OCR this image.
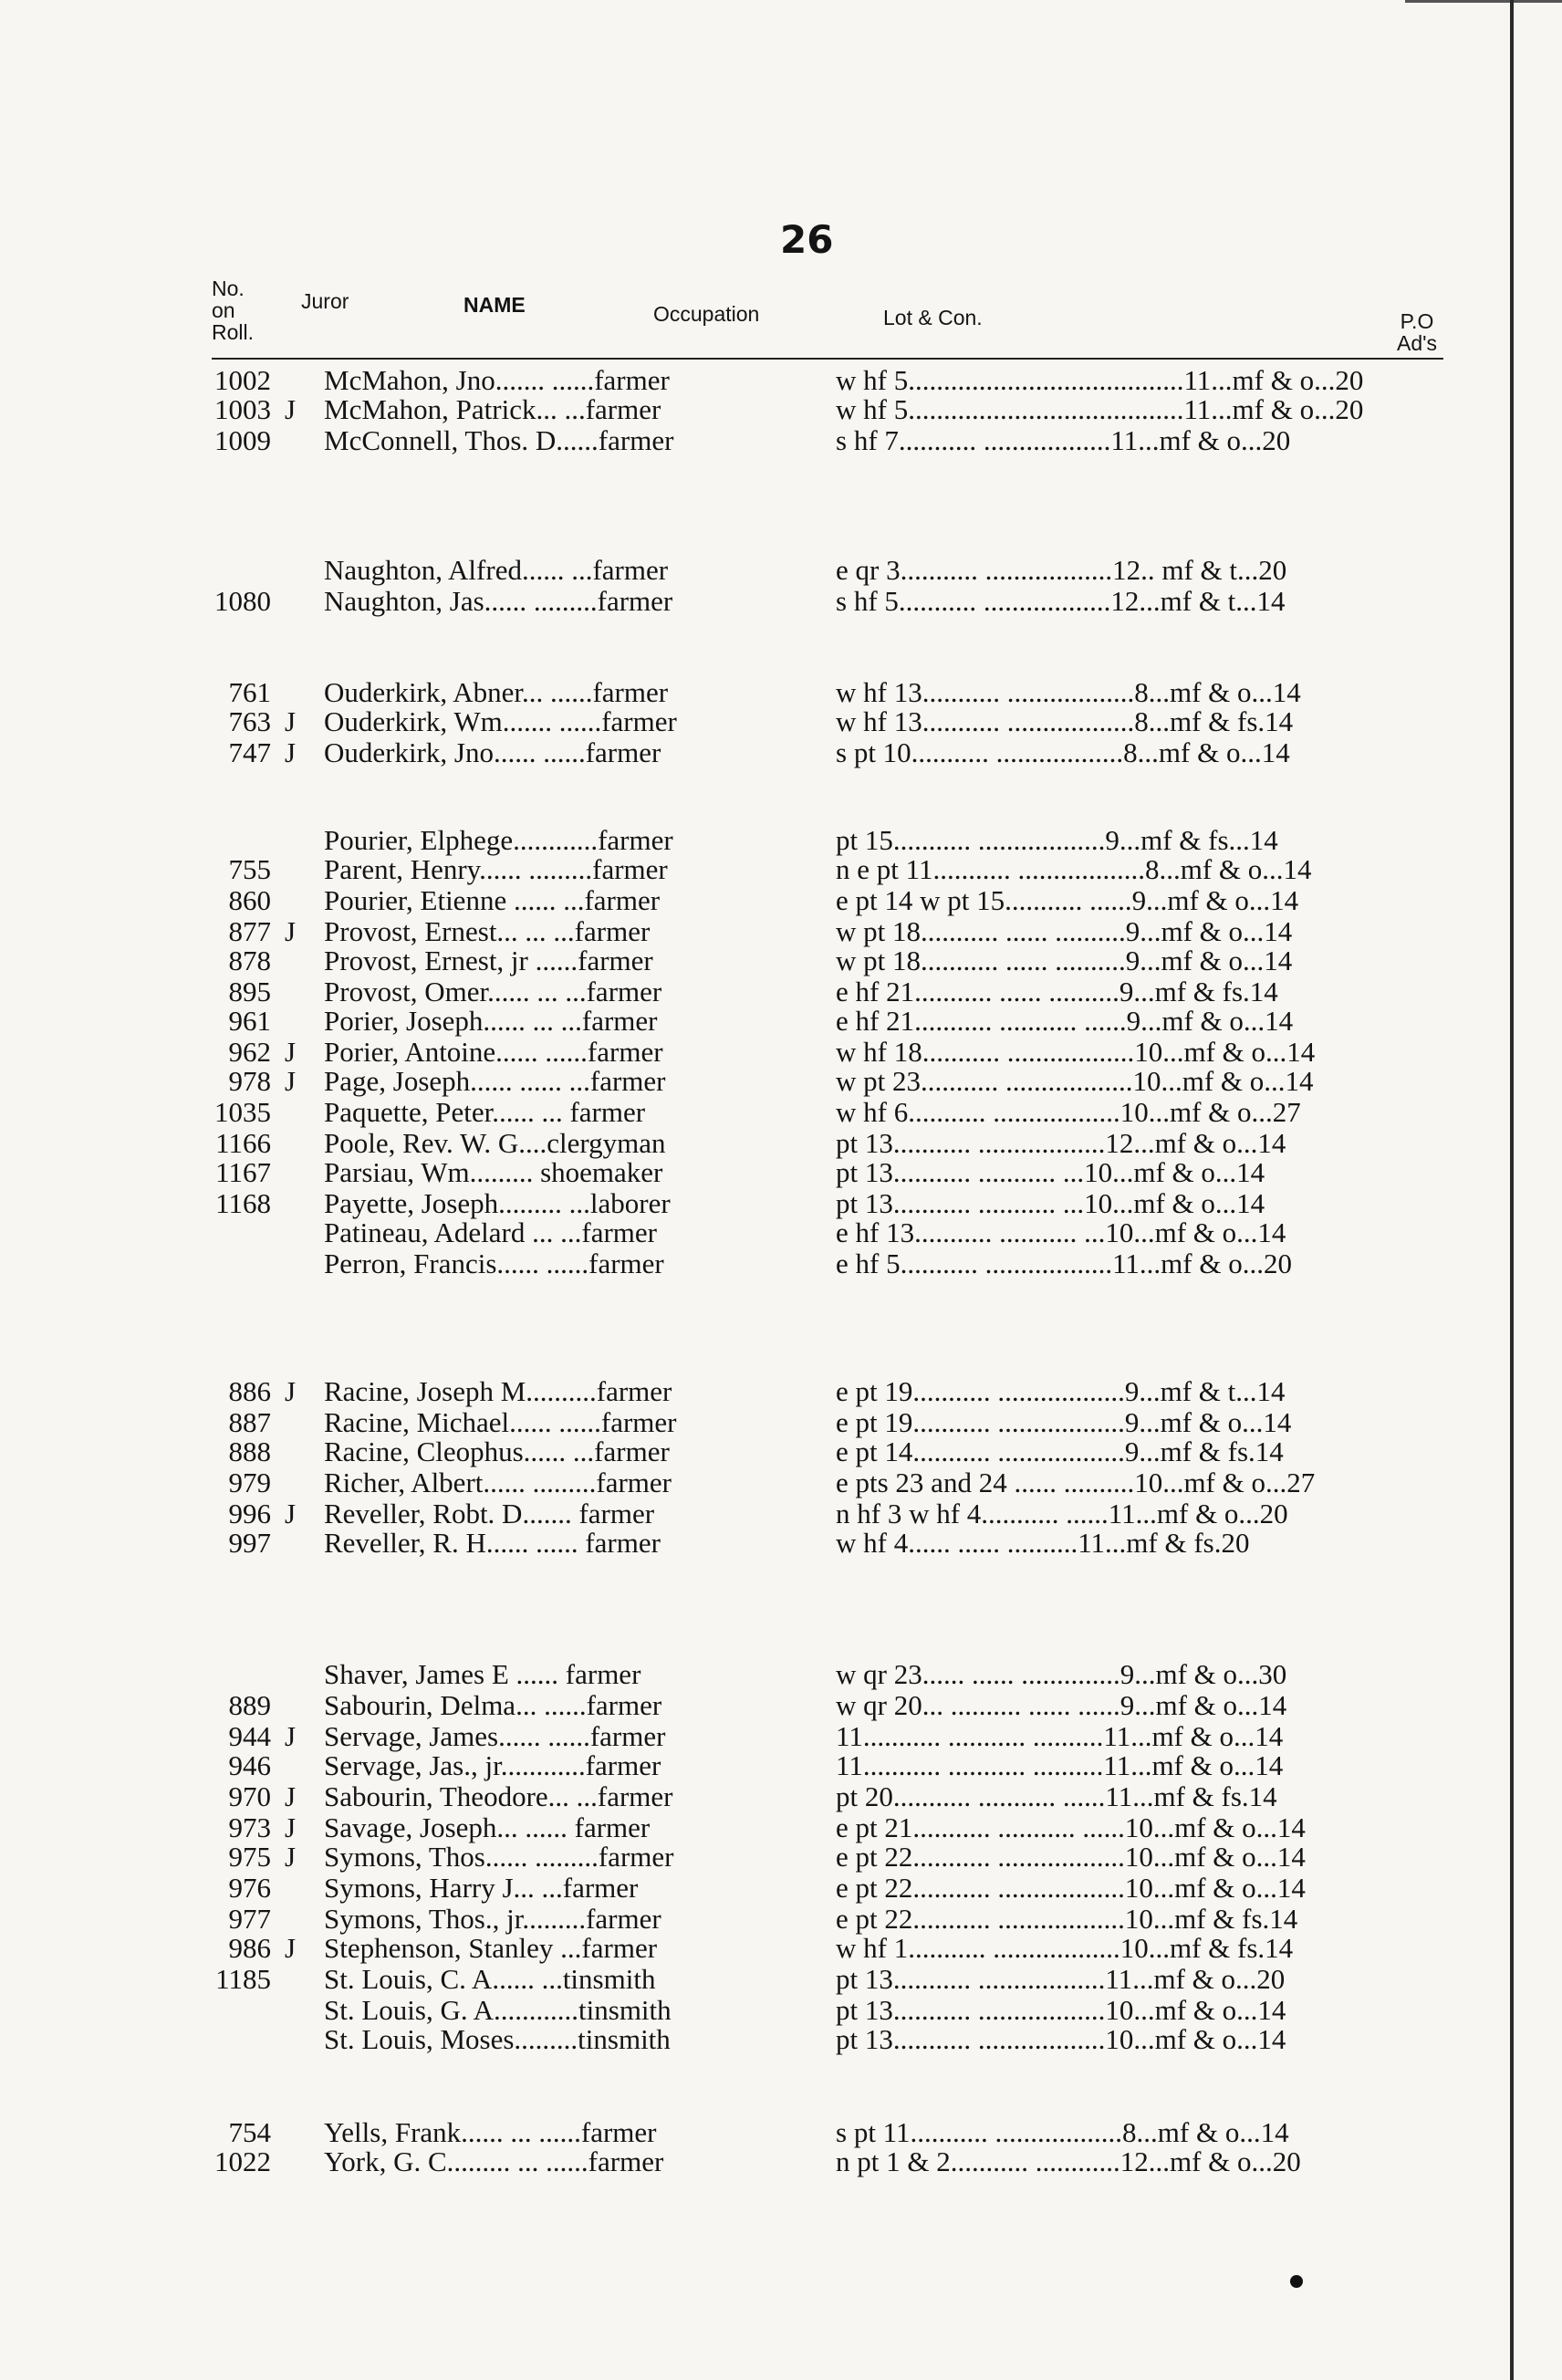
26
No. on Roll.
Juror	NAME	Occupation	Lot & Con.	P.O Ad's
1002 McMahon, Jno....... ......farmer	w hf 5.......................................11...mf & o...20
1003 J McMahon, Patrick... ...farmer	w hf 5.......................................11...mf & o...20
1009 McConnell, Thos. D......farmer	s hf 7........... ..................11...mf & o...20
Naughton, Alfred...... ...farmer	e qr 3........... ..................12.. mf & t...20
1080 Naughton, Jas...... .........farmer	s hf 5........... ..................12...mf & t...14
761 Ouderkirk, Abner... ......farmer	w hf 13........... ..................8...mf & o...14
763 J Ouderkirk, Wm....... ......farmer	w hf 13........... ..................8...mf & fs.14
747 J Ouderkirk, Jno...... ......farmer	s pt 10........... ..................8...mf & o...14
Pourier, Elphege............farmer	pt 15........... ..................9...mf & fs...14
755 Parent, Henry...... .........farmer	n e pt 11........... ..................8...mf & o...14
860 Pourier, Etienne ...... ...farmer	e pt 14 w pt 15........... ......9...mf & o...14
877 J Provost, Ernest... ... ...farmer	w pt 18........... ...... ..........9...mf & o...14
878 Provost, Ernest, jr ......farmer	w pt 18........... ...... ..........9...mf & o...14
895 Provost, Omer...... ... ...farmer	e hf 21........... ...... ..........9...mf & fs.14
961 Porier, Joseph...... ... ...farmer	e hf 21........... ........... ......9...mf & o...14
962 J Porier, Antoine...... ......farmer	w hf 18........... ..................10...mf & o...14
978 J Page, Joseph...... ...... ...farmer	w pt 23........... ..................10...mf & o...14
1035 Paquette, Peter...... ... farmer	w hf 6........... ..................10...mf & o...27
1166 Poole, Rev. W. G....clergyman	pt 13........... ..................12...mf & o...14
1167 Parsiau, Wm......... shoemaker	pt 13........... ........... ...10...mf & o...14
1168 Payette, Joseph......... ...laborer	pt 13........... ........... ...10...mf & o...14
Patineau, Adelard ... ...farmer	e hf 13........... ........... ...10...mf & o...14
Perron, Francis...... ......farmer	e hf 5........... ..................11...mf & o...20
886 J Racine, Joseph M..........farmer	e pt 19........... ..................9...mf & t...14
887 Racine, Michael...... ......farmer	e pt 19........... ..................9...mf & o...14
888 Racine, Cleophus...... ...farmer	e pt 14........... ..................9...mf & fs.14
979 Richer, Albert...... .........farmer	e pts 23 and 24 ...... ..........10...mf & o...27
996 J Reveller, Robt. D....... farmer	n hf 3 w hf 4........... ......11...mf & o...20
997 Reveller, R. H...... ...... farmer	w hf 4...... ...... ..........11...mf & fs.20
Shaver, James E ...... farmer	w qr 23...... ...... ..............9...mf & o...30
889 Sabourin, Delma... ......farmer	w qr 20... .......... ...... ......9...mf & o...14
944 J Servage, James...... ......farmer	11........... ........... ..........11...mf & o...14
946 Servage, Jas., jr............farmer	11........... ........... ..........11...mf & o...14
970 J Sabourin, Theodore... ...farmer	pt 20........... ........... ......11...mf & fs.14
973 J Savage, Joseph... ...... farmer	e pt 21........... ........... ......10...mf & o...14
975 J Symons, Thos...... .........farmer	e pt 22........... ..................10...mf & o...14
976 Symons, Harry J... ...farmer	e pt 22........... ..................10...mf & o...14
977 Symons, Thos., jr.........farmer	e pt 22........... ..................10...mf & fs.14
986 J Stephenson, Stanley ...farmer	w hf 1........... ..................10...mf & fs.14
1185 St. Louis, C. A...... ...tinsmith	pt 13........... ..................11...mf & o...20
St. Louis, G. A............tinsmith	pt 13........... ..................10...mf & o...14
St. Louis, Moses.........tinsmith	pt 13........... ..................10...mf & o...14
754 Yells, Frank...... ... ......farmer	s pt 11........... ..................8...mf & o...14
1022 York, G. C......... ... ......farmer	n pt 1 & 2........... ............12...mf & o...20
